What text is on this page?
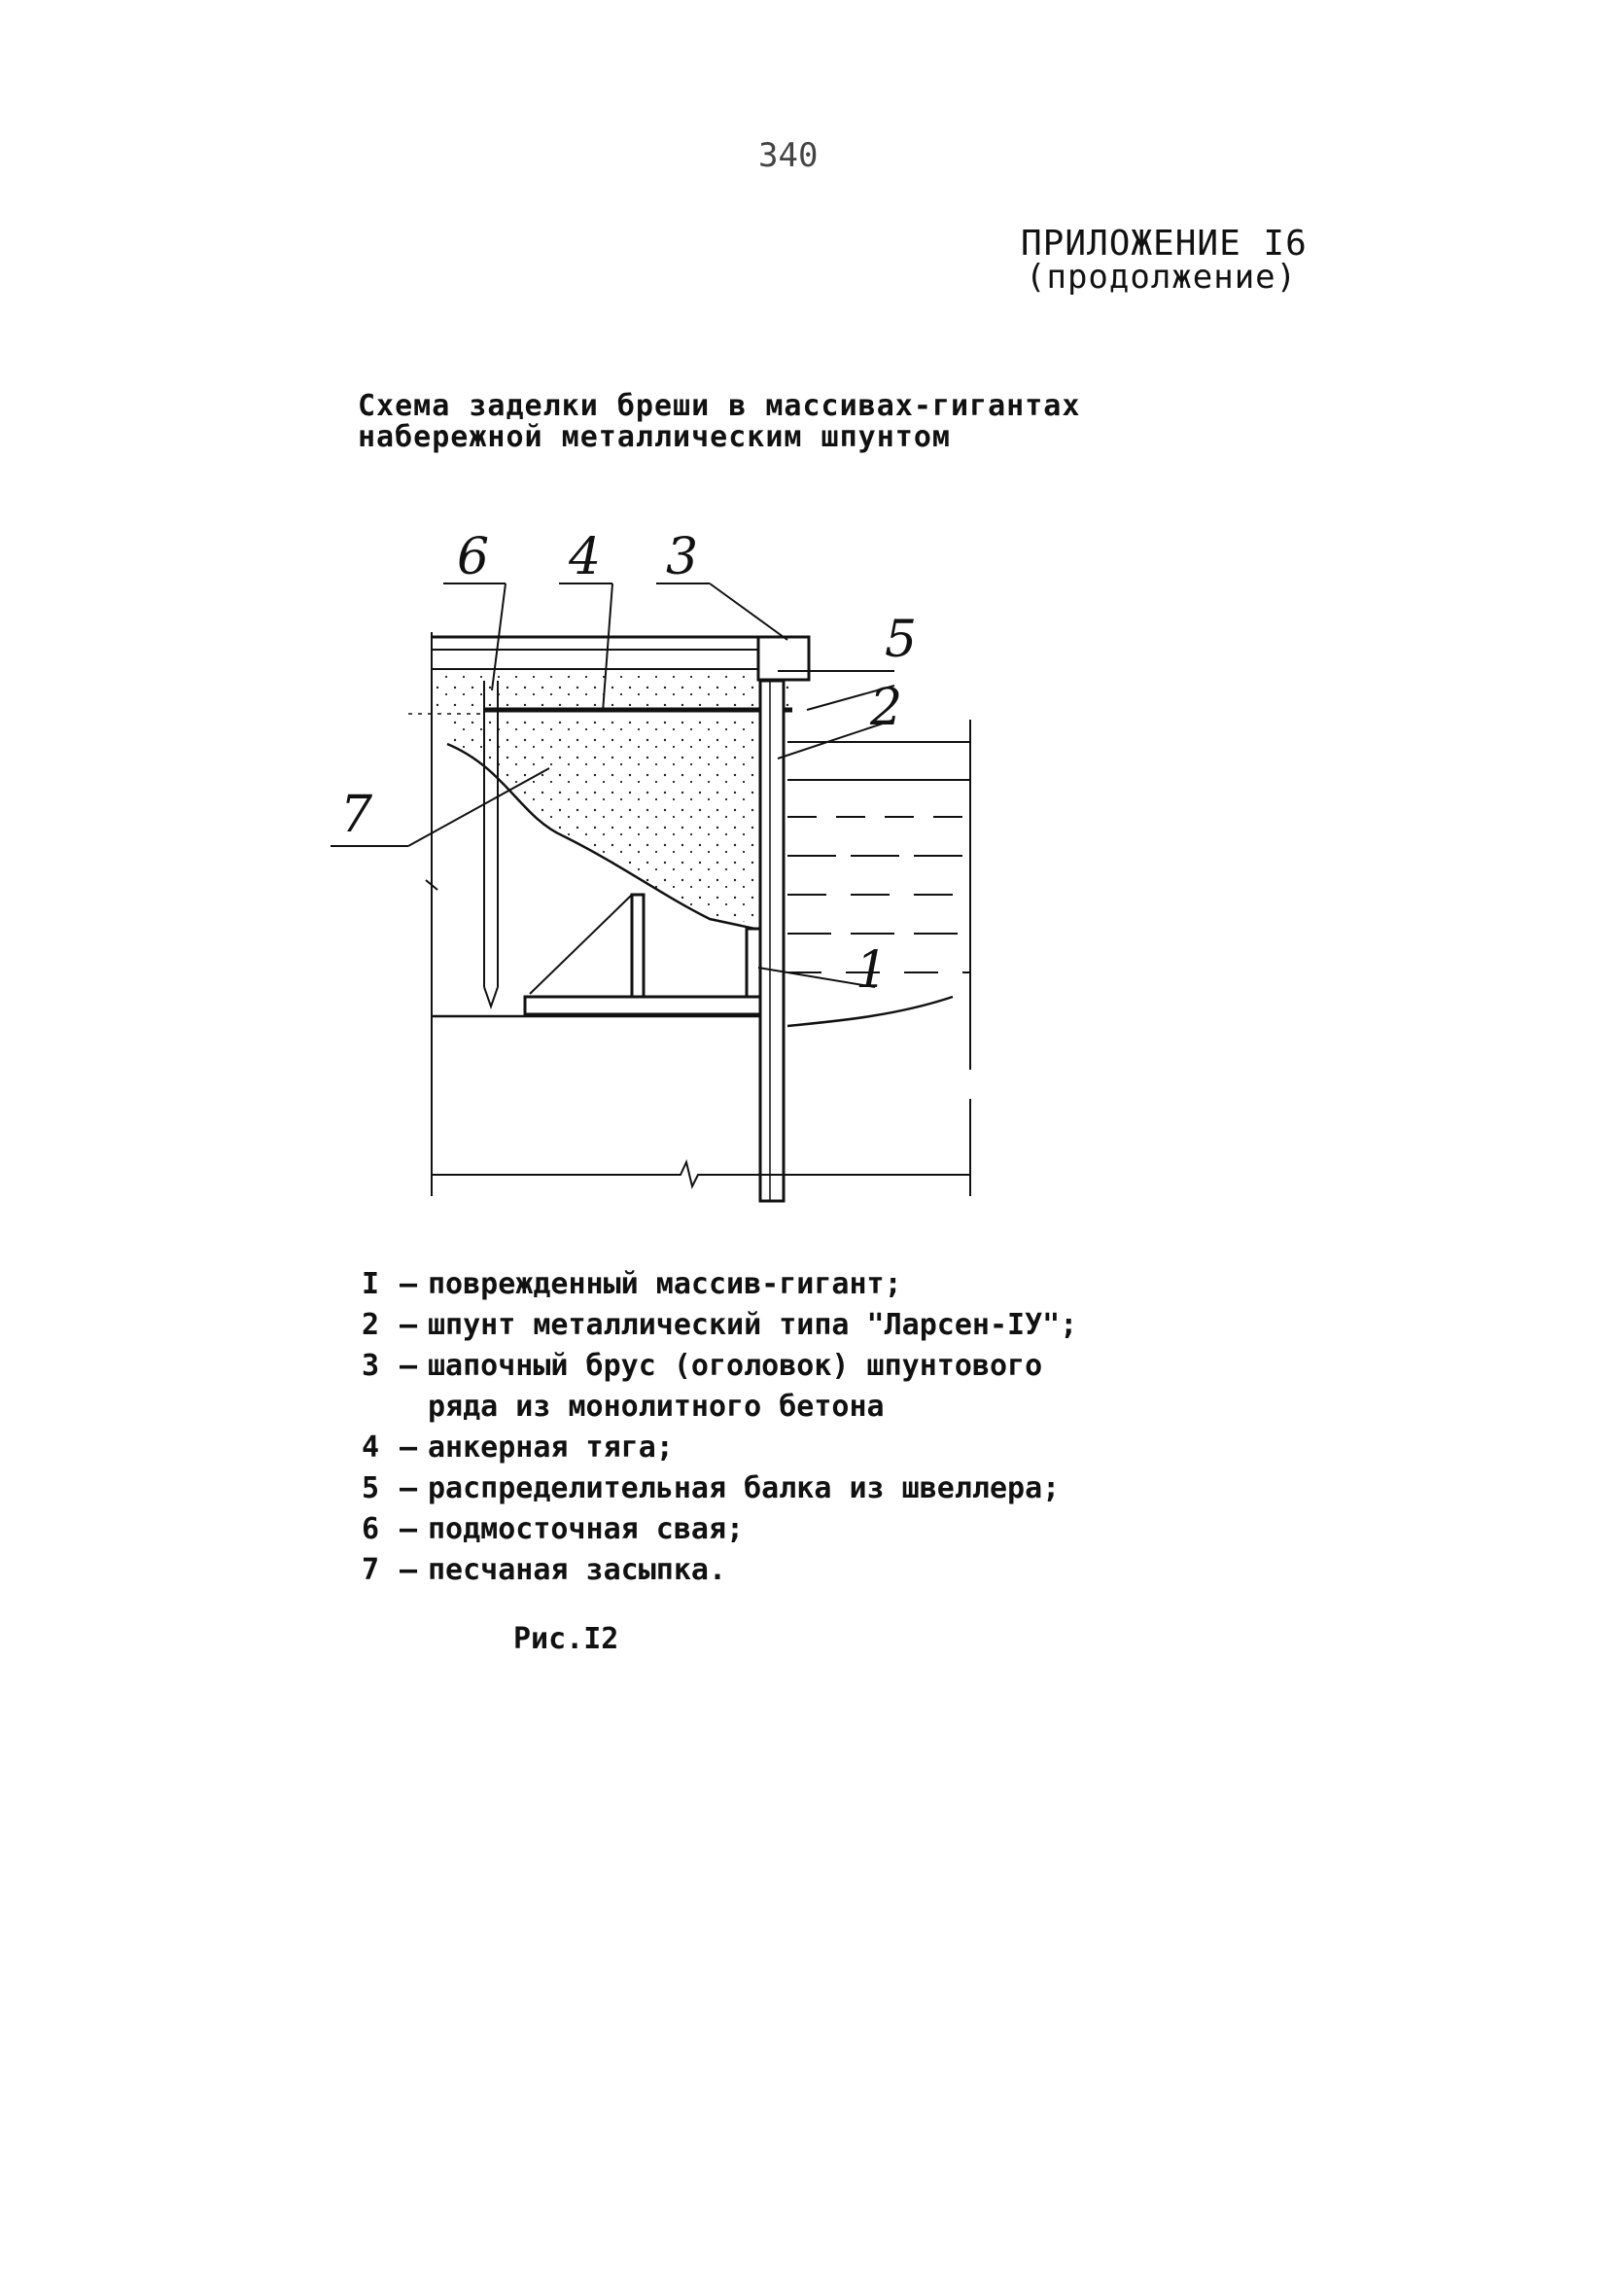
340
ПРИЛОЖЕНИЕ I6
(продолжение)
Схема заделки бреши в массивах-гигантах
набережной металлическим шпунтом
6 4 3
5
2
1
7
I – поврежденный массив-гигант;
2 – шпунт металлический типа "Ларсен-IУ";
3 – шапочный брус (оголовок) шпунтового
ряда из монолитного бетона
4 – анкерная тяга;
5 – распределительная балка из швеллера;
6 – подмосточная свая;
7 – песчаная засыпка.
Рис.I2
